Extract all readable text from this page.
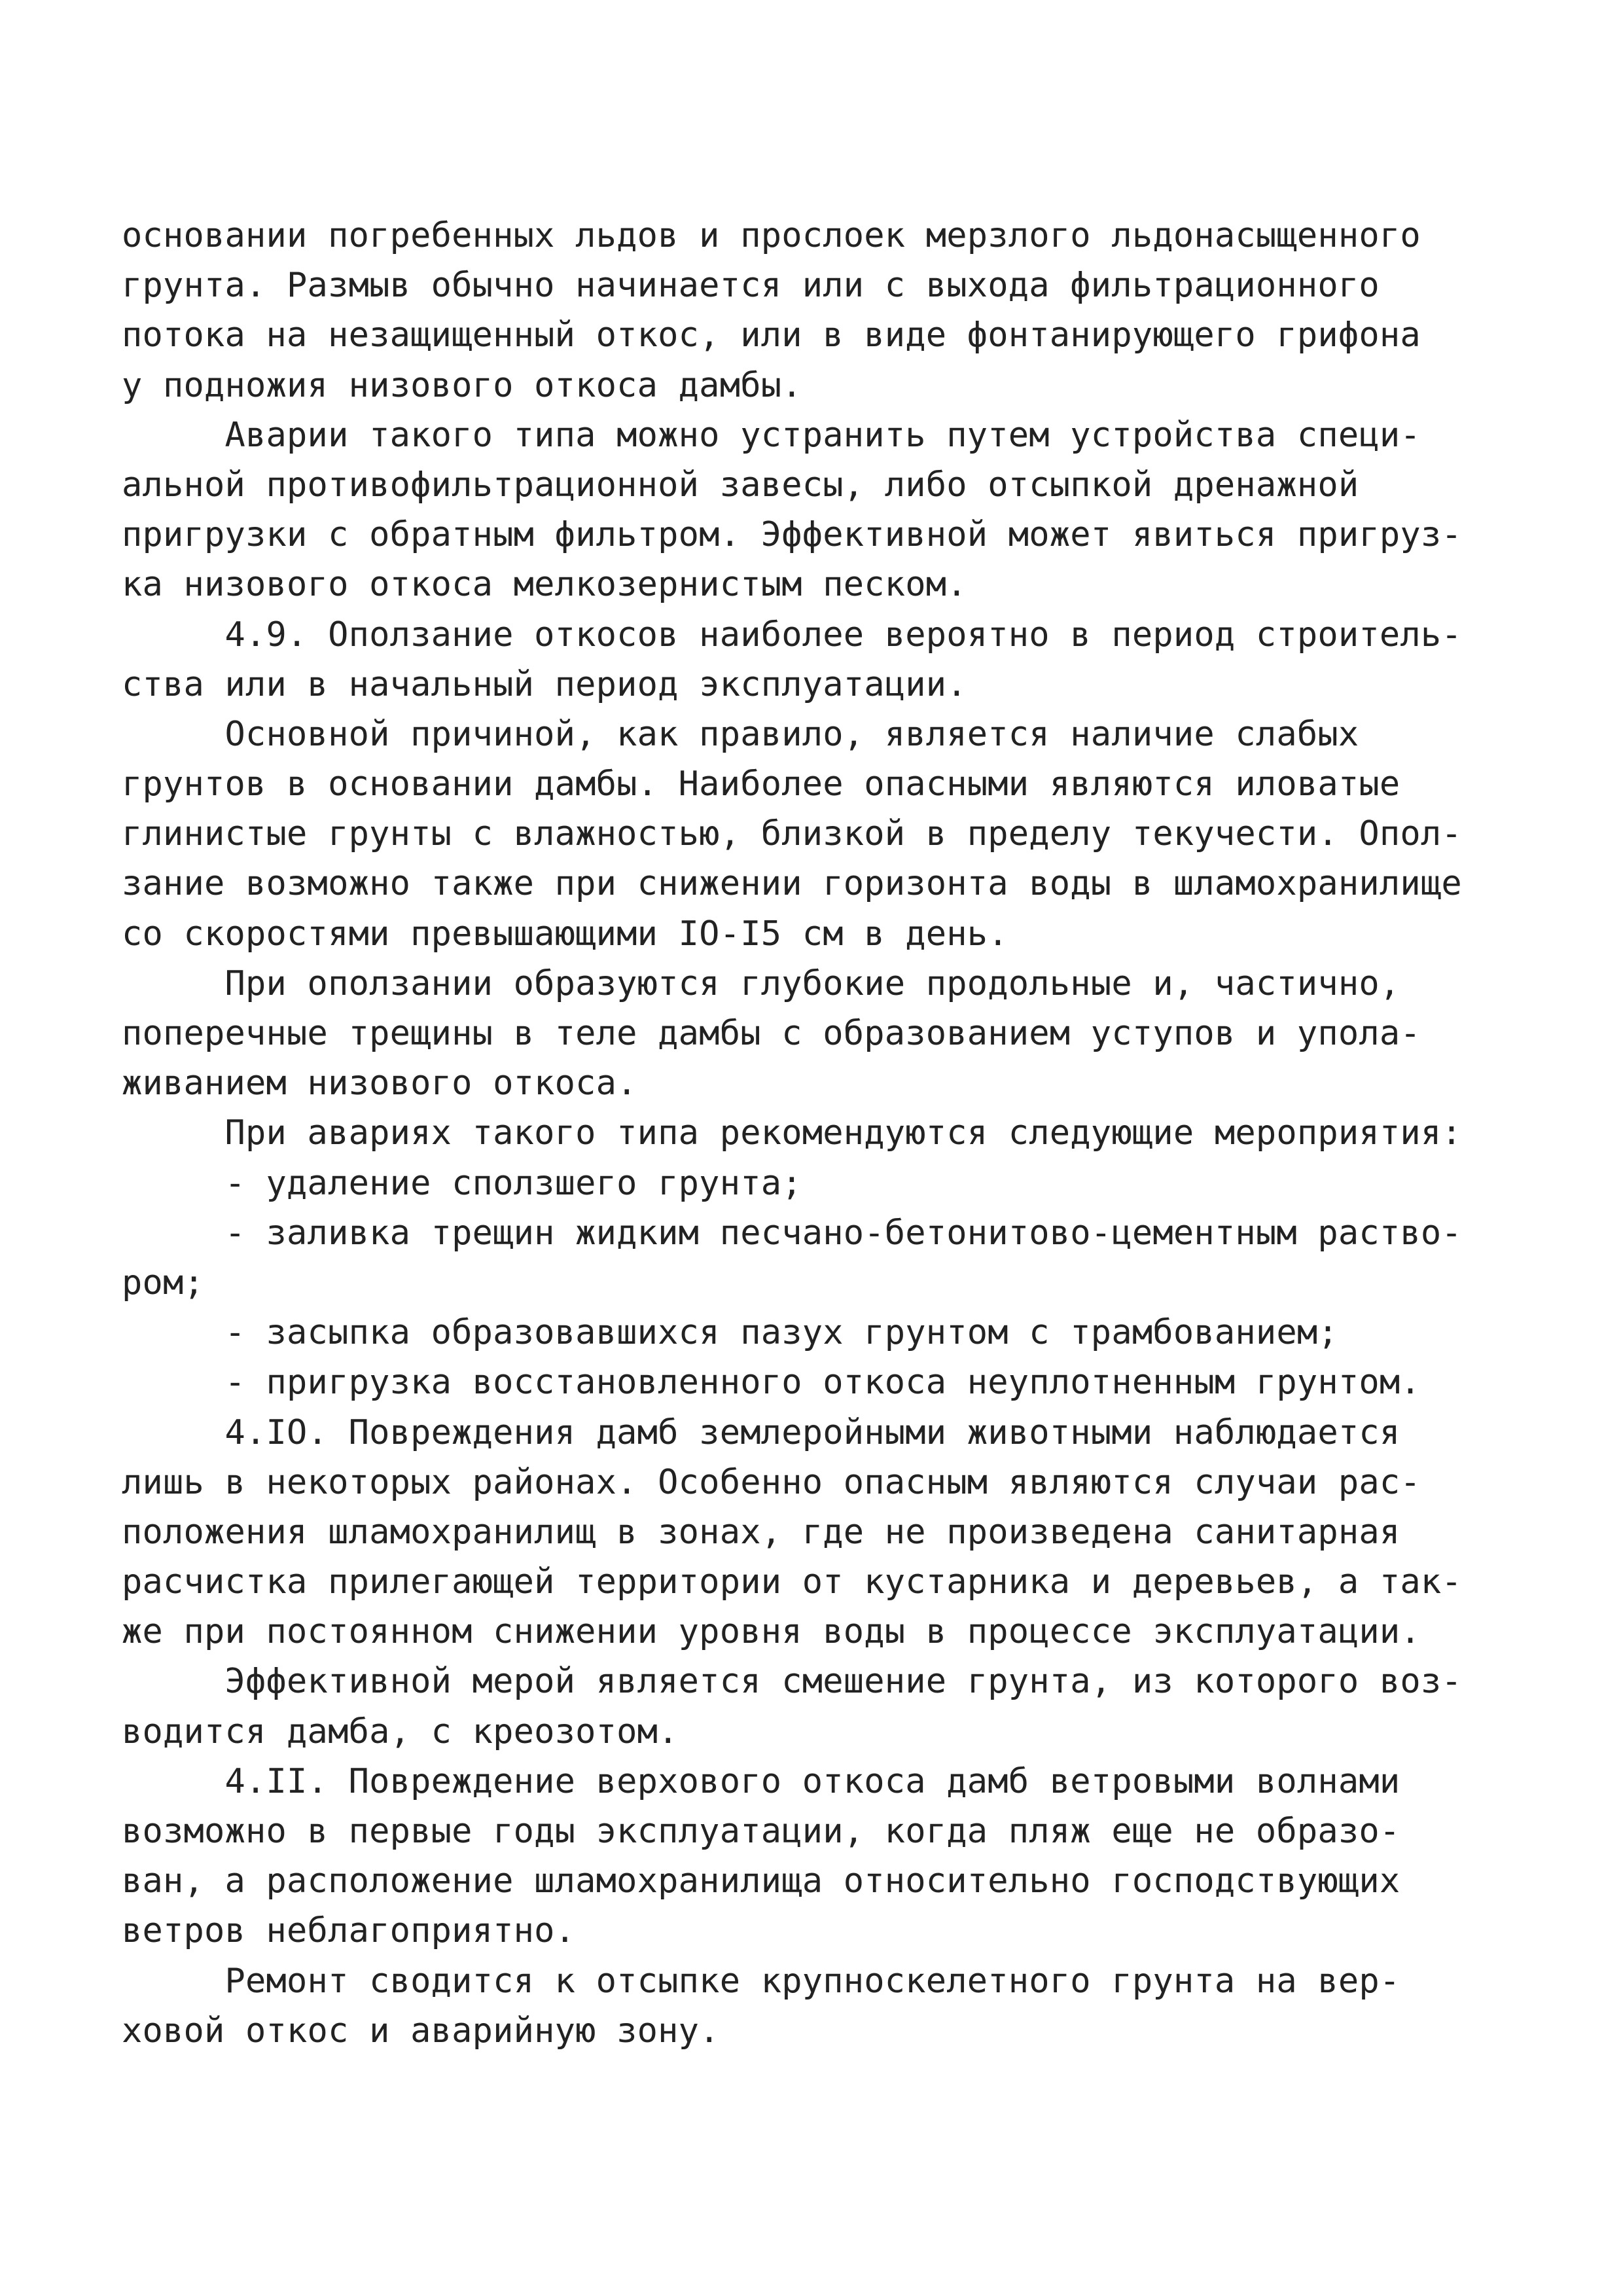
основании погребенных льдов и прослоек мерзлого льдонасыщенного
грунта. Размыв обычно начинается или с выхода фильтрационного
потока на незащищенный откос, или в виде фонтанирующего грифона
у подножия низового откоса дамбы.
Аварии такого типа можно устранить путем устройства специ-
альной противофильтрационной завесы, либо отсыпкой дренажной
пригрузки с обратным фильтром. Эффективной может явиться пригруз-
ка низового откоса мелкозернистым песком.
4.9. Оползание откосов наиболее вероятно в период строитель-
ства или в начальный период эксплуатации.
Основной причиной, как правило, является наличие слабых
грунтов в основании дамбы. Наиболее опасными являются иловатые
глинистые грунты с влажностью, близкой в пределу текучести. Опол-
зание возможно также при снижении горизонта воды в шламохранилище
со скоростями превышающими IO-I5 см в день.
При оползании образуются глубокие продольные и, частично,
поперечные трещины в теле дамбы с образованием уступов и упола-
живанием низового откоса.
При авариях такого типа рекомендуются следующие мероприятия:
- удаление сползшего грунта;
- заливка трещин жидким песчано-бетонитово-цементным раство-
ром;
- засыпка образовавшихся пазух грунтом с трамбованием;
- пригрузка восстановленного откоса неуплотненным грунтом.
4.IO. Повреждения дамб землеройными животными наблюдается
лишь в некоторых районах. Особенно опасным являются случаи рас-
положения шламохранилищ в зонах, где не произведена санитарная
расчистка прилегающей территории от кустарника и деревьев, а так-
же при постоянном снижении уровня воды в процессе эксплуатации.
Эффективной мерой является смешение грунта, из которого воз-
водится дамба, с креозотом.
4.II. Повреждение верхового откоса дамб ветровыми волнами
возможно в первые годы эксплуатации, когда пляж еще не образо-
ван, а расположение шламохранилища относительно господствующих
ветров неблагоприятно.
Ремонт сводится к отсыпке крупноскелетного грунта на вер-
ховой откос и аварийную зону.
